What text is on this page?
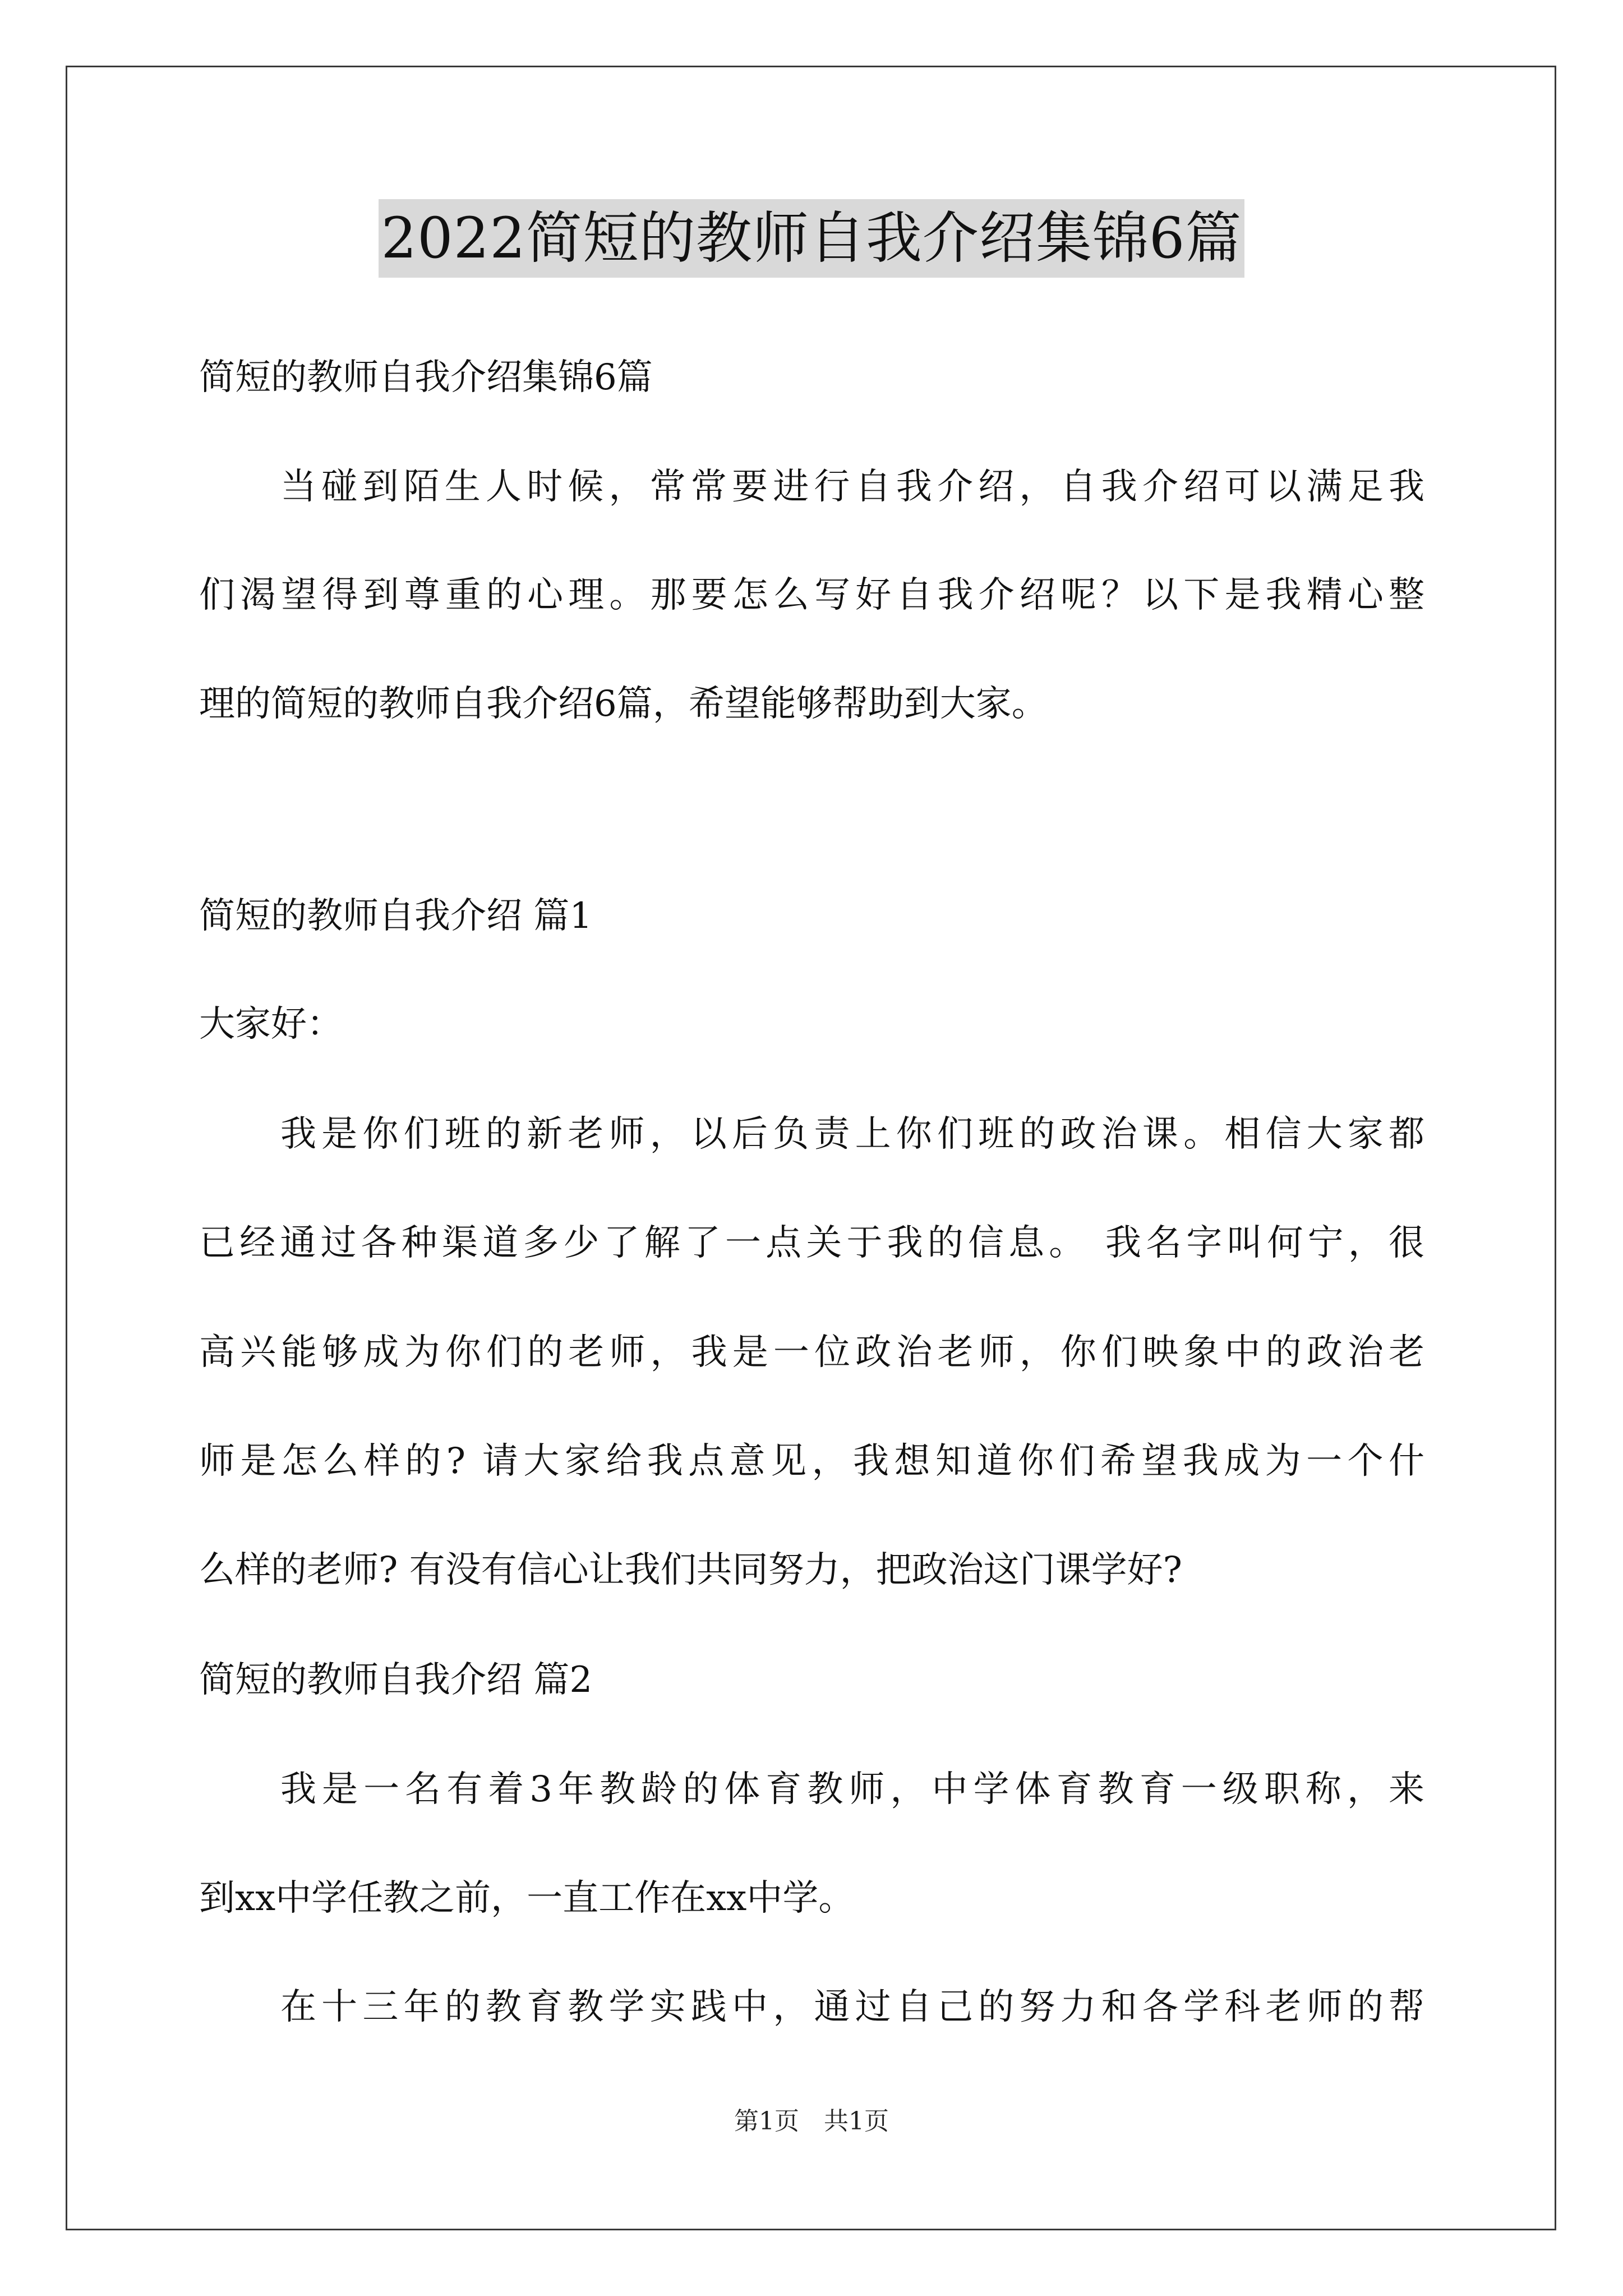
2022简短的教师自我介绍集锦6篇
简短的教师自我介绍集锦6篇
当碰到陌生人时候，常常要进行自我介绍，自我介绍可以满足我
们渴望得到尊重的心理。那要怎么写好自我介绍呢？以下是我精心整
理的简短的教师自我介绍6篇，希望能够帮助到大家。
简短的教师自我介绍 篇1
大家好：
我是你们班的新老师，以后负责上你们班的政治课。相信大家都
已经通过各种渠道多少了解了一点关于我的信息。 我名字叫何宁，很
高兴能够成为你们的老师，我是一位政治老师，你们映象中的政治老
师是怎么样的? 请大家给我点意见，我想知道你们希望我成为一个什
么样的老师? 有没有信心让我们共同努力，把政治这门课学好?
简短的教师自我介绍 篇2
我是一名有着3年教龄的体育教师，中学体育教育一级职称，来
到xx中学任教之前，一直工作在xx中学。
在十三年的教育教学实践中，通过自己的努力和各学科老师的帮
第1页　共1页
